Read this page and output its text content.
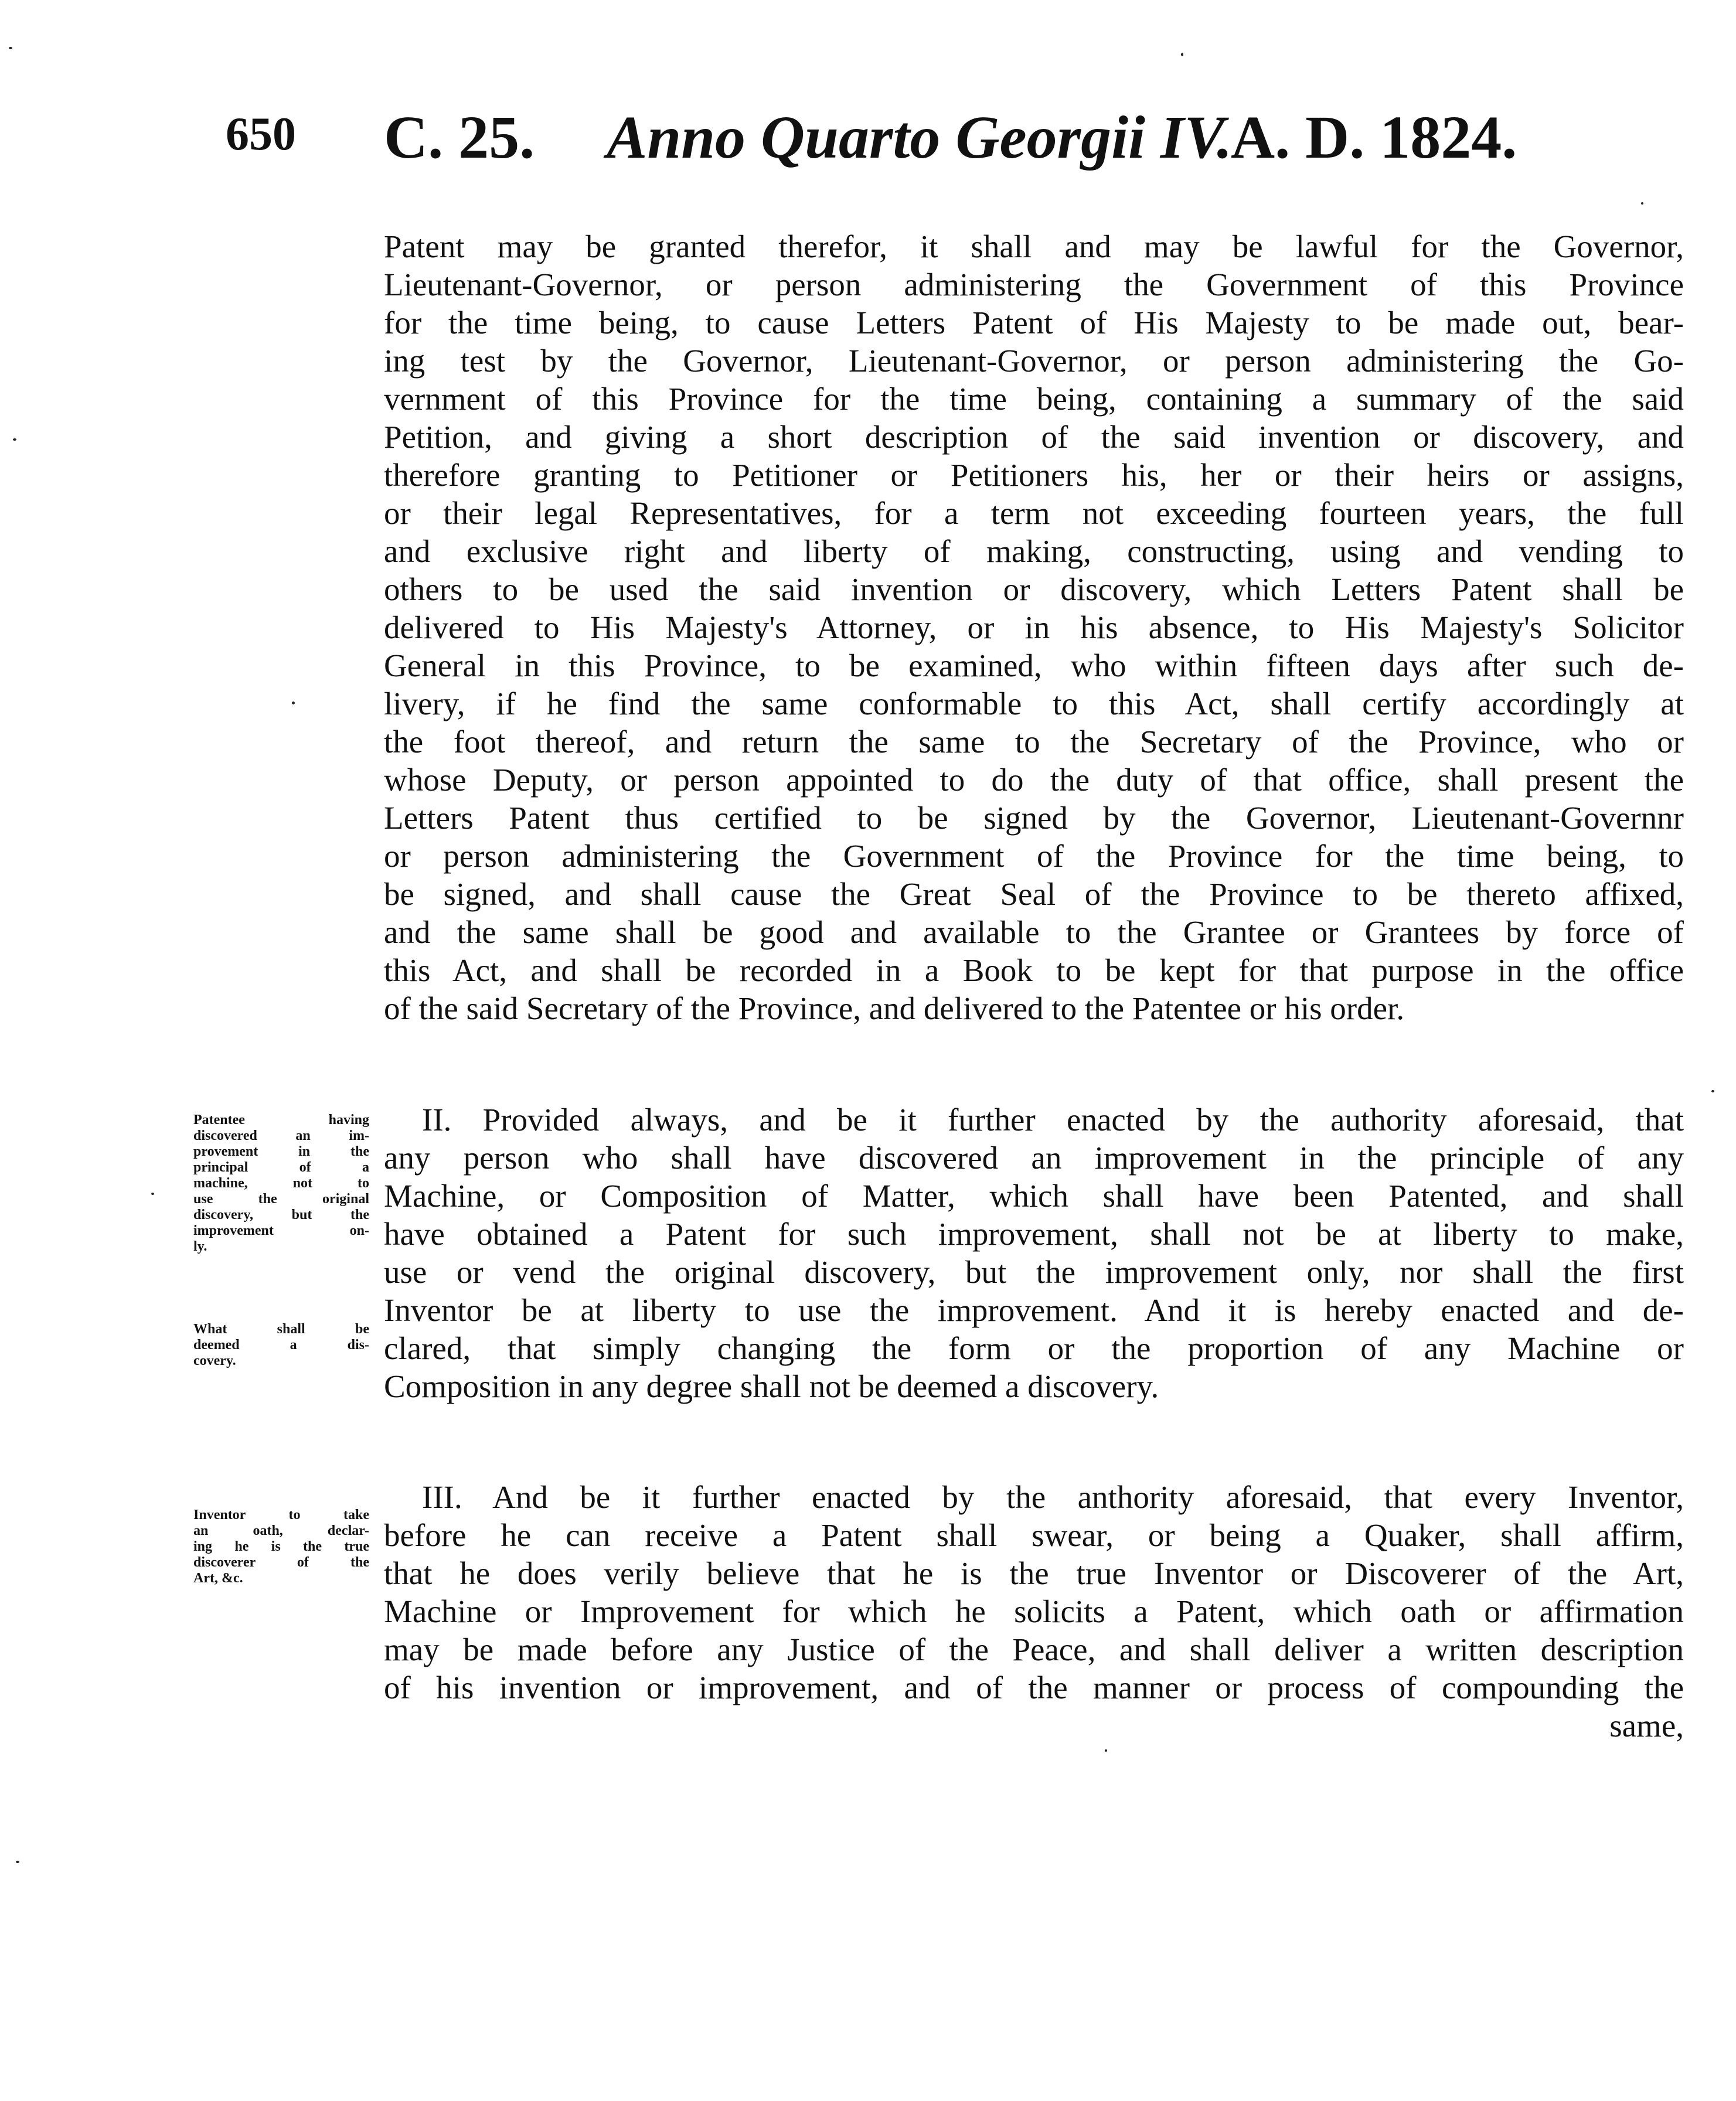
650 C. 25. Anno Quarto Georgii IV.
A. D. 1824.
Patent may be granted therefor, it shall and may be lawful for the Governor,
Lieutenant-Governor, or person administering the Government of this Province
for the time being, to cause Letters Patent of His Majesty to be made out, bear-
ing test by the Governor, Lieutenant-Governor, or person administering the Go-
vernment of this Province for the time being, containing a summary of the said
Petition, and giving a short description of the said invention or discovery, and
therefore granting to Petitioner or Petitioners his, her or their heirs or assigns,
or their legal Representatives, for a term not exceeding fourteen years, the full
and exclusive right and liberty of making, constructing, using and vending to
others to be used the said invention or discovery, which Letters Patent shall be
delivered to His Majesty's Attorney, or in his absence, to His Majesty's Solicitor
General in this Province, to be examined, who within fifteen days after such de-
livery, if he find the same conformable to this Act, shall certify accordingly at
the foot thereof, and return the same to the Secretary of the Province, who or
whose Deputy, or person appointed to do the duty of that office, shall present the
Letters Patent thus certified to be signed by the Governor, Lieutenant-Governnr
or person administering the Government of the Province for the time being, to
be signed, and shall cause the Great Seal of the Province to be thereto affixed,
and the same shall be good and available to the Grantee or Grantees by force of
this Act, and shall be recorded in a Book to be kept for that purpose in the office
of the said Secretary of the Province, and delivered to the Patentee or his order.
Patentee having
discovered an im-
provement in the
principal of a
machine, not to
use the original
discovery, but the
improvement on-
ly.
II. Provided always, and be it further enacted by the authority aforesaid, that
any person who shall have discovered an improvement in the principle of any
Machine, or Composition of Matter, which shall have been Patented, and shall
have obtained a Patent for such improvement, shall not be at liberty to make,
use or vend the original discovery, but the improvement only, nor shall the first
Inventor be at liberty to use the improvement. And it is hereby enacted and de-
clared, that simply changing the form or the proportion of any Machine or
Composition in any degree shall not be deemed a discovery.
What shall be
deemed a dis-
covery.
III. And be it further enacted by the anthority aforesaid, that every Inventor,
before he can receive a Patent shall swear, or being a Quaker, shall affirm,
that he does verily believe that he is the true Inventor or Discoverer of the Art,
Machine or Improvement for which he solicits a Patent, which oath or affirmation
may be made before any Justice of the Peace, and shall deliver a written description
of his invention or improvement, and of the manner or process of compounding the
same,
Inventor to take
an oath, declar-
ing he is the true
discoverer of the
Art, &c.
